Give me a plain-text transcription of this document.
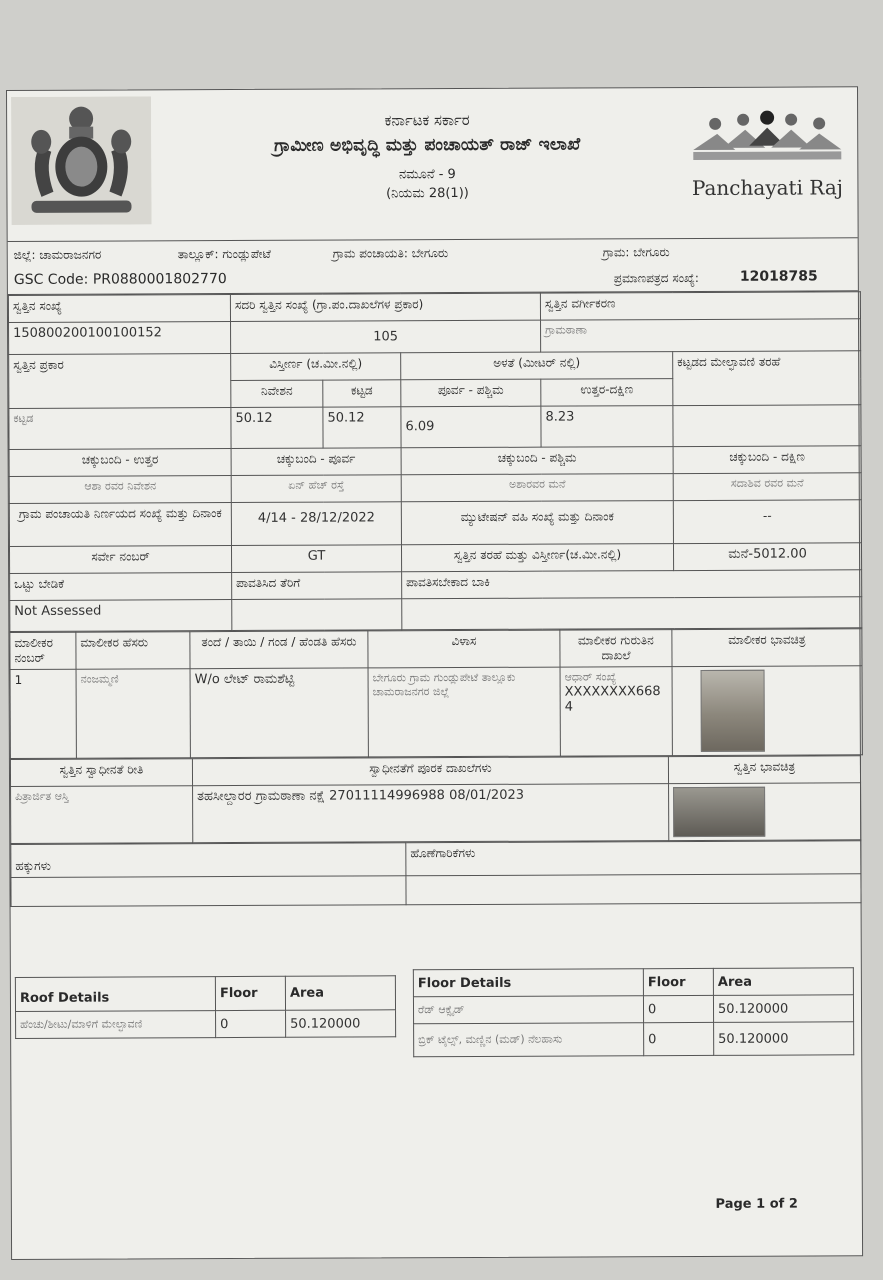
ಕರ್ನಾಟಕ ಸರ್ಕಾರ
ಗ್ರಾಮೀಣ ಅಭಿವೃದ್ಧಿ ಮತ್ತು ಪಂಚಾಯತ್ ರಾಜ್ ಇಲಾಖೆ
ನಮೂನೆ - 9
(ನಿಯಮ 28(1))	Panchayati Raj
ಜಿಲ್ಲೆ: ಚಾಮರಾಜನಗರ	ತಾಲ್ಲೂಕ್: ಗುಂಡ್ಲುಪೇಟೆ	ಗ್ರಾಮ ಪಂಚಾಯತಿ: ಬೇಗೂರು	ಗ್ರಾಮ: ಬೇಗೂರು
GSC Code: PR0880001802770	ಪ್ರಮಾಣಪತ್ರದ ಸಂಖ್ಯೆ:	12018785
ಸ್ವತ್ತಿನ ಸಂಖ್ಯೆ	ಸದರಿ ಸ್ವತ್ತಿನ ಸಂಖ್ಯೆ (ಗ್ರಾ.ಪಂ.ದಾಖಲೆಗಳ ಪ್ರಕಾರ)			ಸ್ವತ್ತಿನ ವರ್ಗೀಕರಣ	
150800200100100152	105			ಗ್ರಾಮಠಾಣಾ	
ಸ್ವತ್ತಿನ ಪ್ರಕಾರ	ವಿಸ್ತೀರ್ಣ (ಚ.ಮೀ.ನಲ್ಲಿ)		ಅಳತೆ (ಮೀಟರ್ ನಲ್ಲಿ)		ಕಟ್ಟಡದ ಮೇಲ್ಛಾವಣಿ ತರಹೆ
	ನಿವೇಶನ	ಕಟ್ಟಡ	ಪೂರ್ವ - ಪಶ್ಚಿಮ	ಉತ್ತರ-ದಕ್ಷಿಣ	
ಕಟ್ಟಡ	50.12	50.12	6.09	8.23	
ಚಕ್ಕುಬಂದಿ - ಉತ್ತರ	ಚಕ್ಕುಬಂದಿ - ಪೂರ್ವ		ಚಕ್ಕುಬಂದಿ - ಪಶ್ಚಿಮ		ಚಕ್ಕುಬಂದಿ - ದಕ್ಷಿಣ
ಆಶಾ ರವರ ನಿವೇಶನ	ಏನ್ ಹೆಚ್ ರಸ್ತೆ		ಅಶಾರವರ ಮನೆ		ಸದಾಶಿವ ರವರ ಮನೆ
ಗ್ರಾಮ ಪಂಚಾಯತಿ ನಿರ್ಣಯದ ಸಂಖ್ಯೆ ಮತ್ತು ದಿನಾಂಕ	4/14 - 28/12/2022		ಮ್ಯುಟೇಷನ್ ವಹಿ ಸಂಖ್ಯೆ ಮತ್ತು ದಿನಾಂಕ		--
ಸರ್ವೇ ನಂಬರ್	GT		ಸ್ವತ್ತಿನ ತರಹೆ ಮತ್ತು ವಿಸ್ತೀರ್ಣ(ಚ.ಮೀ.ನಲ್ಲಿ)		ಮನೆ-5012.00
ಒಟ್ಟು ಬೇಡಿಕೆ	ಪಾವತಿಸಿದ ತೆರಿಗೆ		ಪಾವತಿಸಬೇಕಾದ ಬಾಕಿ		
Not Assessed					
ಮಾಲೀಕರ ನಂಬರ್	ಮಾಲೀಕರ ಹೆಸರು	ತಂದೆ / ತಾಯಿ / ಗಂಡ / ಹೆಂಡತಿ ಹೆಸರು	ವಿಳಾಸ	ಮಾಲೀಕರ ಗುರುತಿನ ದಾಖಲೆ	ಮಾಲೀಕರ ಭಾವಚಿತ್ರ
1	ನಂಜಮ್ಮಣಿ	W/o ಲೇಟ್ ರಾಮಶೆಟ್ಟಿ	ಬೇಗೂರು ಗ್ರಾಮ ಗುಂಡ್ಲುಪೇಟೆ ತಾಲ್ಲೂಕು ಚಾಮರಾಜನಗರ ಜಿಲ್ಲೆ	ಆಧಾರ್ ಸಂಖ್ಯೆ
XXXXXXXX668 4	

ಸ್ವತ್ತಿನ ಸ್ವಾಧೀನತೆ ರೀತಿ	ಸ್ವಾಧೀನತೆಗೆ ಪೂರಕ ದಾಖಲೆಗಳು	ಸ್ವತ್ತಿನ ಭಾವಚಿತ್ರ
ಪಿತ್ರಾರ್ಜಿತ ಆಸ್ತಿ	ತಹಸೀಲ್ದಾರರ ಗ್ರಾಮಠಾಣಾ ನಕ್ಷೆ 27011114996988 08/01/2023	
ಹಕ್ಕುಗಳು	ಹೊಣೆಗಾರಿಕೆಗಳು

Roof Details	Floor	Area
ಹೆಂಚು/ಶೀಟು/ಮಾಳಿಗೆ ಮೇಲ್ಛಾವಣಿ	0	50.120000
Floor Details	Floor	Area
ರೆಡ್ ಆಕ್ಸೈಡ್	0	50.120000
ಬ್ರಿಕ್ ಟೈಲ್ಸ್, ಮಣ್ಣಿನ (ಮಡ್) ನೆಲಹಾಸು	0	50.120000
Page 1 of 2
